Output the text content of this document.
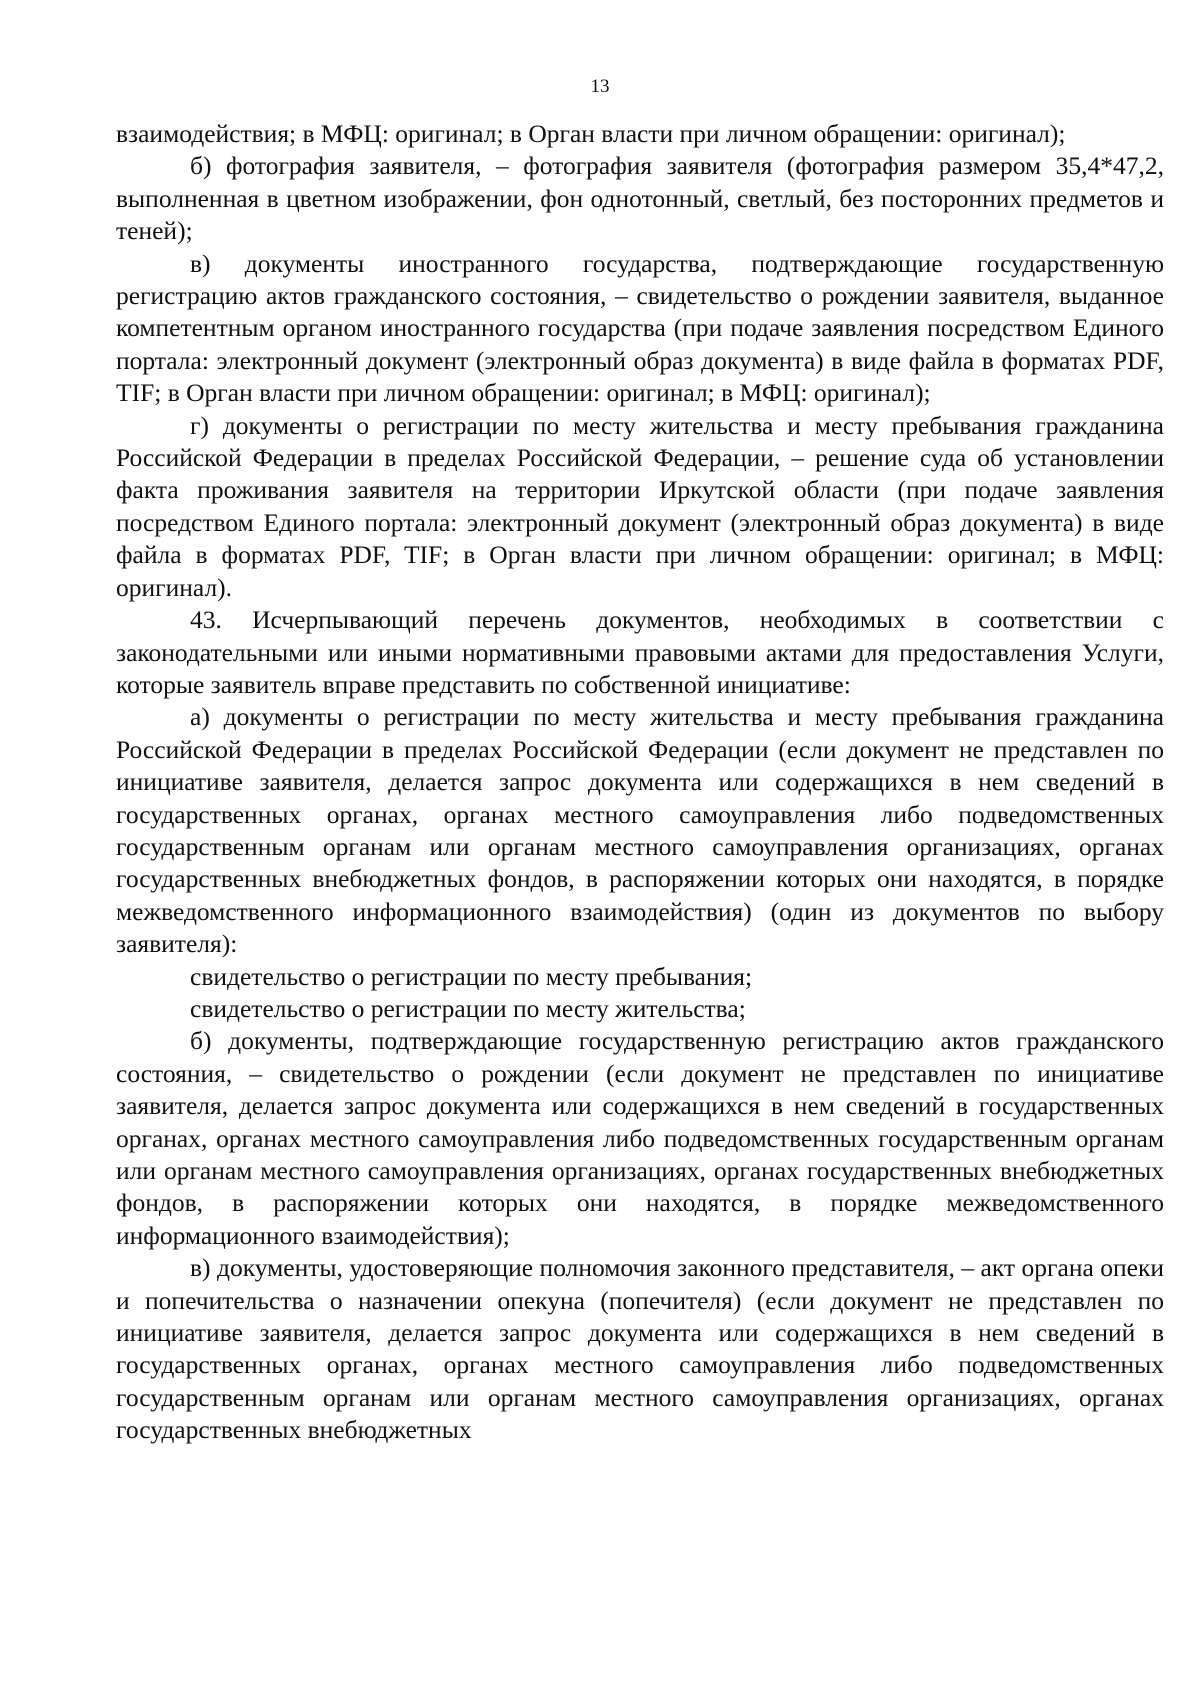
13

взаимодействия; в МФЦ: оригинал; в Орган власти при личном обращении: оригинал);

б) фотография заявителя, – фотография заявителя (фотография размером 35,4*47,2, выполненная в цветном изображении, фон однотонный, светлый, без посторонних предметов и теней);

в) документы иностранного государства, подтверждающие государственную регистрацию актов гражданского состояния, – свидетельство о рождении заявителя, выданное компетентным органом иностранного государства (при подаче заявления посредством Единого портала: электронный документ (электронный образ документа) в виде файла в форматах PDF, TIF; в Орган власти при личном обращении: оригинал; в МФЦ: оригинал);

г) документы о регистрации по месту жительства и месту пребывания гражданина Российской Федерации в пределах Российской Федерации, – решение суда об установлении факта проживания заявителя на территории Иркутской области (при подаче заявления посредством Единого портала: электронный документ (электронный образ документа) в виде файла в форматах PDF, TIF; в Орган власти при личном обращении: оригинал; в МФЦ: оригинал).

43. Исчерпывающий перечень документов, необходимых в соответствии с законодательными или иными нормативными правовыми актами для предоставления Услуги, которые заявитель вправе представить по собственной инициативе:

а) документы о регистрации по месту жительства и месту пребывания гражданина Российской Федерации в пределах Российской Федерации (если документ не представлен по инициативе заявителя, делается запрос документа или содержащихся в нем сведений в государственных органах, органах местного самоуправления либо подведомственных государственным органам или органам местного самоуправления организациях, органах государственных внебюджетных фондов, в распоряжении которых они находятся, в порядке межведомственного информационного взаимодействия) (один из документов по выбору заявителя):

свидетельство о регистрации по месту пребывания;

свидетельство о регистрации по месту жительства;

б) документы, подтверждающие государственную регистрацию актов гражданского состояния, – свидетельство о рождении (если документ не представлен по инициативе заявителя, делается запрос документа или содержащихся в нем сведений в государственных органах, органах местного самоуправления либо подведомственных государственным органам или органам местного самоуправления организациях, органах государственных внебюджетных фондов, в распоряжении которых они находятся, в порядке межведомственного информационного взаимодействия);

в) документы, удостоверяющие полномочия законного представителя, – акт органа опеки и попечительства о назначении опекуна (попечителя) (если документ не представлен по инициативе заявителя, делается запрос документа или содержащихся в нем сведений в государственных органах, органах местного самоуправления либо подведомственных государственным органам или органам местного самоуправления организациях, органах государственных внебюджетных
